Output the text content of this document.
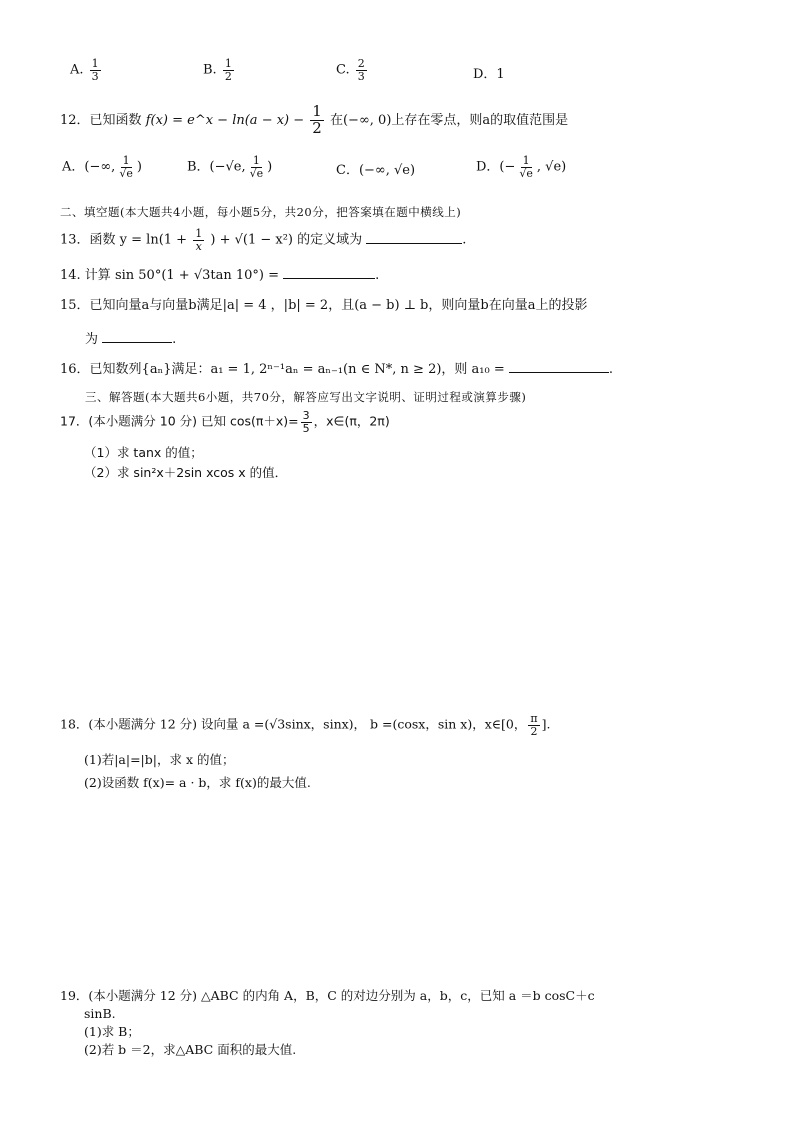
A. $\frac{1}{3}$	B. $\frac{1}{2}$	C. $\frac{2}{3}$	D．1
12．已知函数 f(x) = e^x − $\ln(a - x) - \frac{1}{2}$ 在(−∞, 0)上存在零点，则a的取值范围是
A．(−∞, $\frac{1}{√e}$ )	B．(−√e, $\frac{1}{√e}$ )	C．(−∞, √e)	D．(− $\frac{1}{√e}$ , √e)
二、填空题(本大题共4小题，每小题5分，共20分，把答案填在题中横线上)
13．函数 $y = \ln(1 + \frac{1}{x}$ ) + √(1 − x²) 的定义域为	.
14. 计算 sin 50°(1 + √3tan 10°) =	.
15．已知向量a与向量b满足|a| = 4 ，|b| = 2，且(a − b) ⊥ b，则向量b在向量a上的投影
为	.
16．已知数列{aₙ}满足：a₁ = 1, 2ⁿ⁻¹aₙ = aₙ₋₁(n ∈ N*, n ≥ 2)，则 a₁₀ =	.
三、解答题(本大题共6小题，共70分，解答应写出文字说明、证明过程或演算步骤)
17．(本小题满分 10 分) 已知 $\cos(\pi+x)= \frac{3}{5}$ ，x∈(π，2π)
（1）求 tanx 的值；
（2）求 sin²x＋2sin xcos x 的值．
18．(本小题满分 12 分) 设向量 a =(√3sinx，sinx)， b =(cosx，sin x)，x∈[0， $\frac{\pi}{2}$ ].
(1)若|a|=|b|，求 x 的值；
(2)设函数 f(x)= a · b，求 f(x)的最大值.
19．(本小题满分 12 分) △ABC 的内角 A，B，C 的对边分别为 a，b，c，已知 a ＝b cosC＋c
sinB.
(1)求 B；
(2)若 b ＝2，求△ABC 面积的最大值.
